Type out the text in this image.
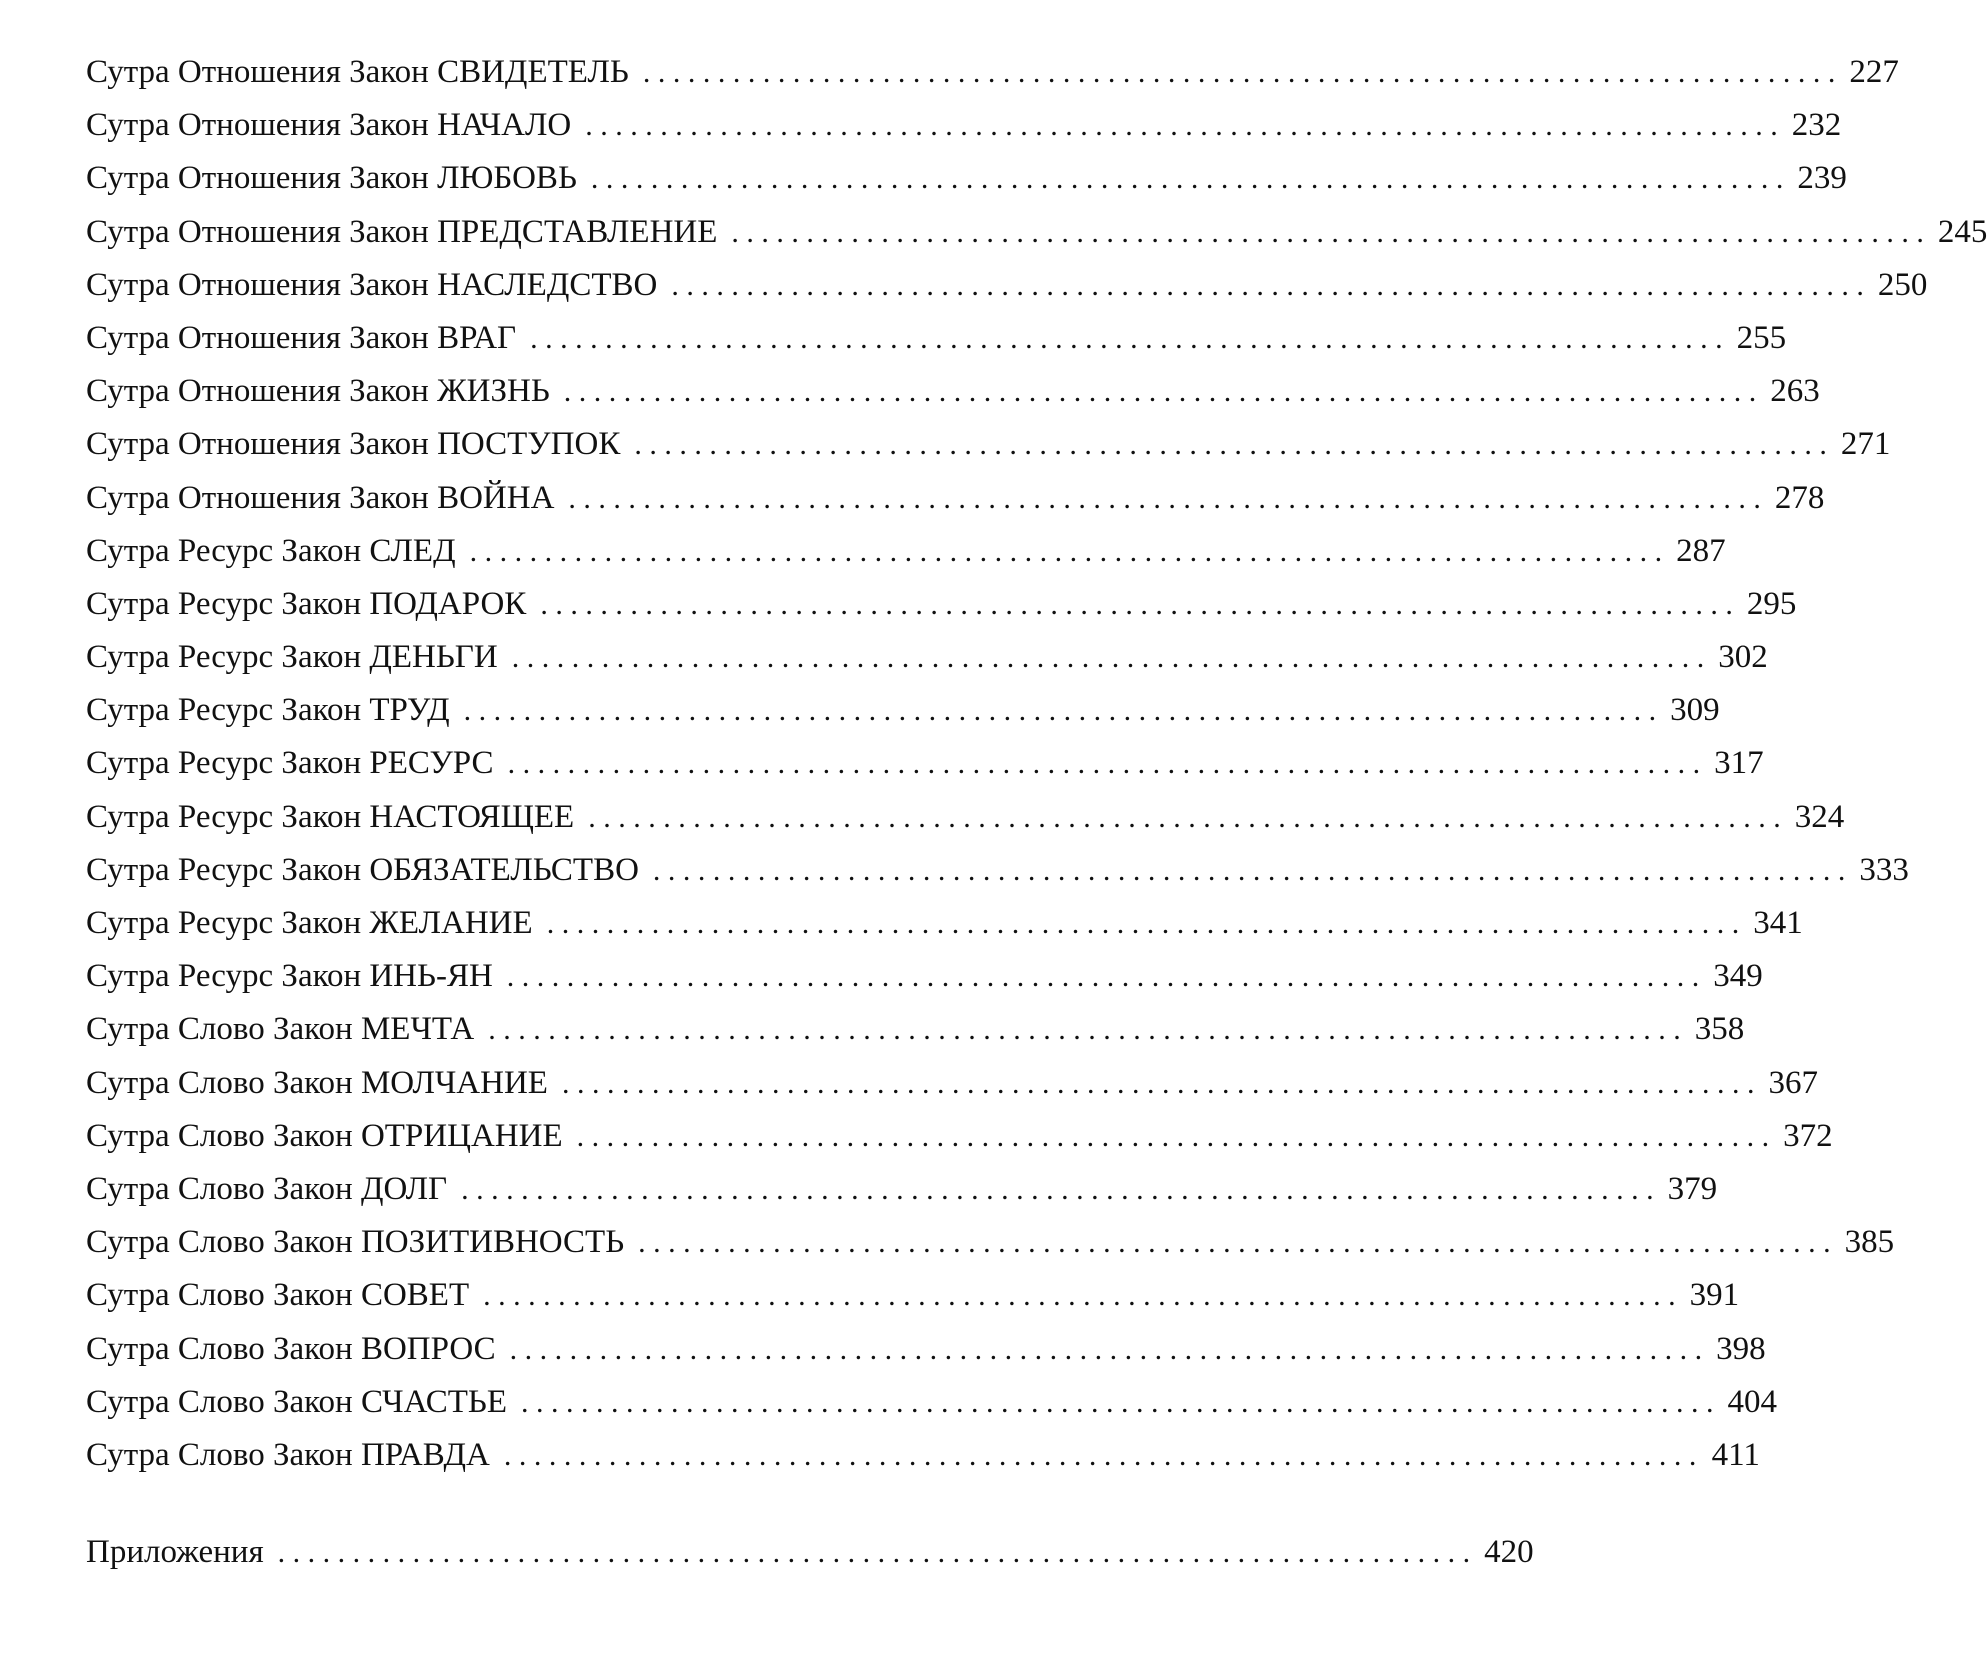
Сутра Отношения Закон СВИДЕТЕЛЬ ................................................................................ 227
Сутра Отношения Закон НАЧАЛО ................................................................................ 232
Сутра Отношения Закон ЛЮБОВЬ ................................................................................ 239
Сутра Отношения Закон ПРЕДСТАВЛЕНИЕ ................................................................................ 245
Сутра Отношения Закон НАСЛЕДСТВО ................................................................................ 250
Сутра Отношения Закон ВРАГ ................................................................................ 255
Сутра Отношения Закон ЖИЗНЬ ................................................................................ 263
Сутра Отношения Закон ПОСТУПОК ................................................................................ 271
Сутра Отношения Закон ВОЙНА ................................................................................ 278
Сутра Ресурс Закон СЛЕД ................................................................................ 287
Сутра Ресурс Закон ПОДАРОК ................................................................................ 295
Сутра Ресурс Закон ДЕНЬГИ ................................................................................ 302
Сутра Ресурс Закон ТРУД ................................................................................ 309
Сутра Ресурс Закон РЕСУРС ................................................................................ 317
Сутра Ресурс Закон НАСТОЯЩЕЕ ................................................................................ 324
Сутра Ресурс Закон ОБЯЗАТЕЛЬСТВО ................................................................................ 333
Сутра Ресурс Закон ЖЕЛАНИЕ ................................................................................ 341
Сутра Ресурс Закон ИНЬ-ЯН ................................................................................ 349
Сутра Слово Закон МЕЧТА ................................................................................ 358
Сутра Слово Закон МОЛЧАНИЕ ................................................................................ 367
Сутра Слово Закон ОТРИЦАНИЕ ................................................................................ 372
Сутра Слово Закон ДОЛГ ................................................................................ 379
Сутра Слово Закон ПОЗИТИВНОСТЬ ................................................................................ 385
Сутра Слово Закон СОВЕТ ................................................................................ 391
Сутра Слово Закон ВОПРОС ................................................................................ 398
Сутра Слово Закон СЧАСТЬЕ ................................................................................ 404
Сутра Слово Закон ПРАВДА ................................................................................ 411
Приложения ................................................................................ 420
